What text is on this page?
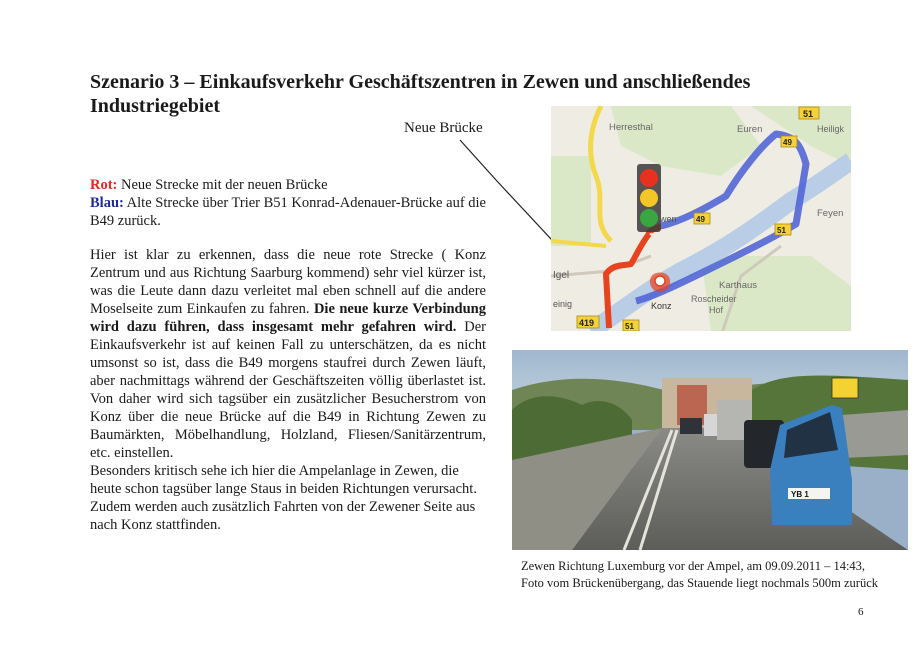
Szenario 3 – Einkaufsverkehr Geschäftszentren in Zewen und anschließendes Industriegebiet
Neue Brücke
Rot: Neue Strecke mit der neuen Brücke
Blau: Alte Strecke über Trier B51 Konrad-Adenauer-Brücke auf die B49 zurück.

Hier ist klar zu erkennen, dass die neue rote Strecke ( Konz Zentrum und aus Richtung Saarburg kommend) sehr viel kürzer ist, was die Leute dann dazu verleitet mal eben schnell auf die andere Moselseite zum Einkaufen zu fahren. Die neue kurze Verbindung wird dazu führen, dass insgesamt mehr gefahren wird. Der Einkaufsverkehr ist auf keinen Fall zu unterschätzen, da es nicht umsonst so ist, dass die B49 morgens staufrei durch Zewen läuft, aber nachmittags während der Geschäftszeiten völlig überlastet ist. Von daher wird sich tagsüber ein zusätzlicher Besucherstrom von Konz über die neue Brücke auf die B49 in Richtung Zewen zu Baumärkten, Möbelhandlung, Holzland, Fliesen/Sanitärzentrum, etc. einstellen.

Besonders kritisch sehe ich hier die Ampelanlage in Zewen, die heute schon tagsüber lange Staus in beiden Richtungen verursacht. Zudem werden auch zusätzlich Fahrten von der Zewener Seite aus nach Konz stattfinden.

Herresthal	Euren	Heiligk
Feyen
Igel
einig
Karthaus
Roscheider
Hof
wen
Konz
51
49
49
51
419	51
YB 1
Zewen Richtung Luxemburg vor der Ampel, am 09.09.2011 – 14:43,
Foto vom Brückenübergang, das Stauende liegt nochmals 500m zurück
6
